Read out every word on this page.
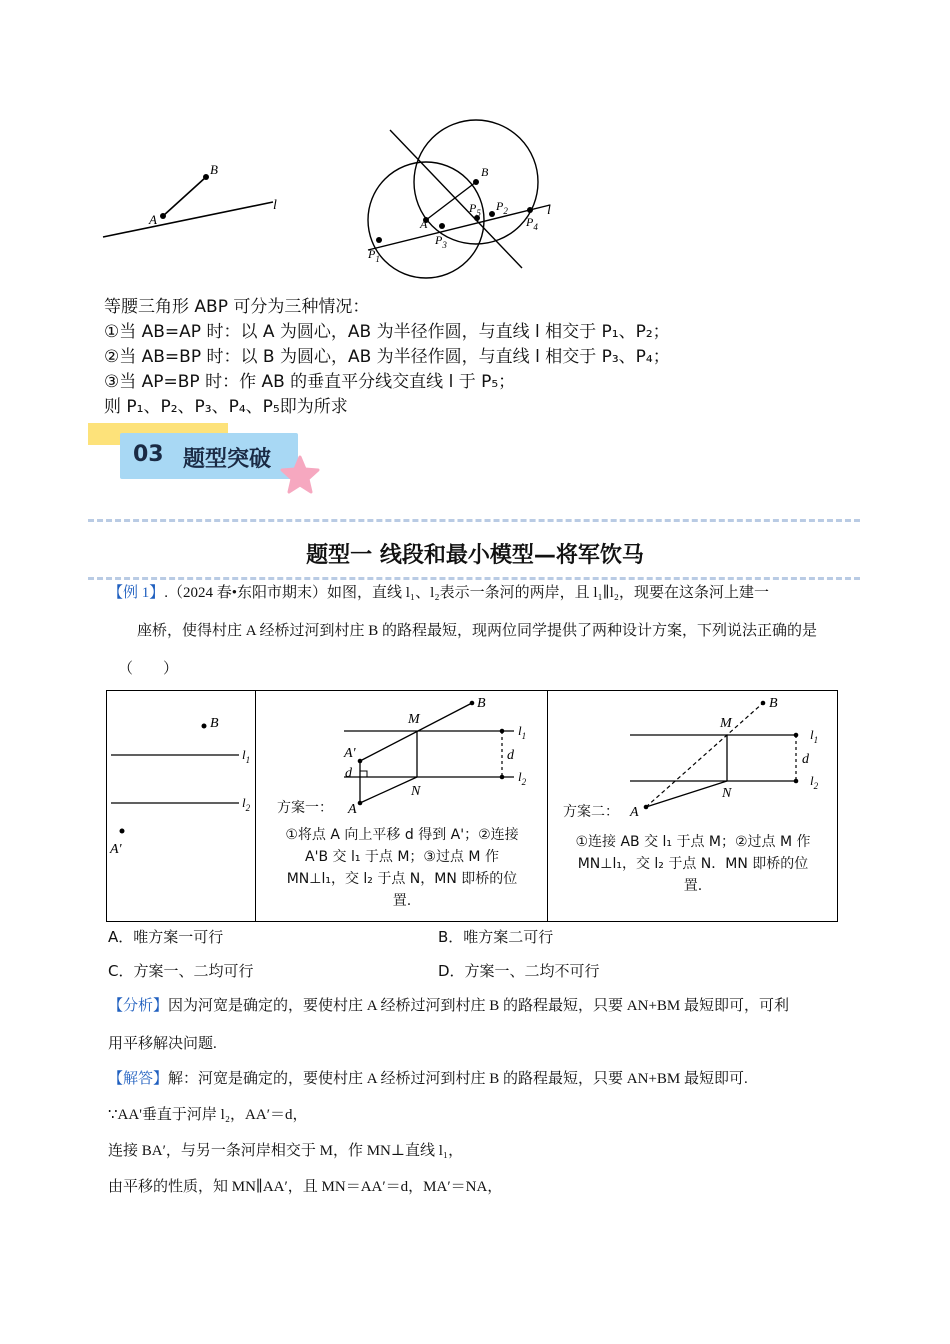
A
B
l
A
B
l
$P_1$
$P_2$
$P_3$
$P_4$
$P_5$
等腰三角形 ABP 可分为三种情况：
①当 AB=AP 时：以 A 为圆心，AB 为半径作圆，与直线 l 相交于 P₁、P₂；
②当 AB=BP 时：以 B 为圆心，AB 为半径作圆，与直线 l 相交于 P₃、P₄；
③当 AP=BP 时：作 AB 的垂直平分线交直线 l 于 P₅；
则 P₁、P₂、P₃、P₄、P₅即为所求
03 题型突破
题型一 线段和最小模型—将军饮马
【例 1】.（2024 春•东阳市期末）如图，直线 l₁、l₂表示一条河的两岸，且 l₁∥l₂，现要在这条河上建一
座桥，使得村庄 A 经桥过河到村庄 B 的路程最短，现两位同学提供了两种设计方案，下列说法正确的是
（　　）
B
$l_1$
$l_2$
A'
B
M
A'
d
d
N
A
$l_1$
$l_2$
方案一：
①将点 A 向上平移 d 得到 A'；②连接
A'B 交 l₁ 于点 M；③过点 M 作
MN⊥l₁，交 l₂ 于点 N，MN 即桥的位
置.
B
M
d
N
A
$l_1$
$l_2$
方案二：
①连接 AB 交 l₁ 于点 M；②过点 M 作
MN⊥l₁，交 l₂ 于点 N．MN 即桥的位
置.
A．唯方案一可行	B．唯方案二可行
C．方案一、二均可行	D．方案一、二均不可行
【分析】因为河宽是确定的，要使村庄 A 经桥过河到村庄 B 的路程最短，只要 AN+BM 最短即可，可利
用平移解决问题.
【解答】解：河宽是确定的，要使村庄 A 经桥过河到村庄 B 的路程最短，只要 AN+BM 最短即可.
∵AA'垂直于河岸 l₂，AA′＝d，
连接 BA′，与另一条河岸相交于 M，作 MN⊥直线 l₁，
由平移的性质，知 MN∥AA′，且 MN＝AA′＝d，MA′＝NA，
